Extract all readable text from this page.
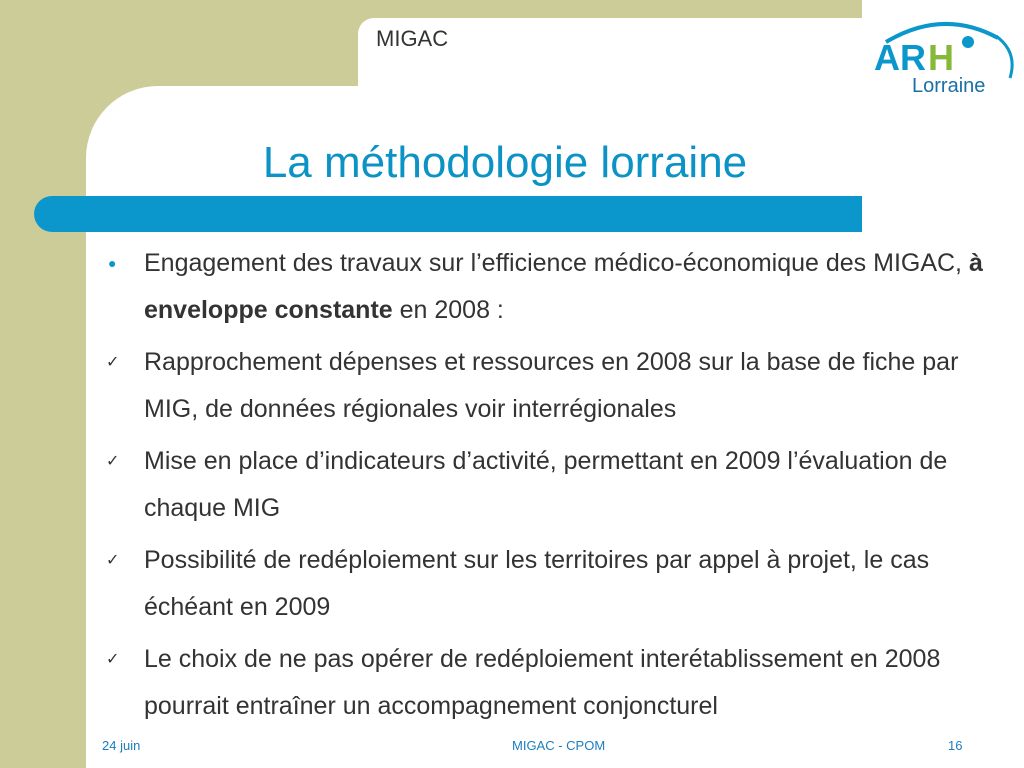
MIGAC	AR H
Lorraine
La méthodologie lorraine
● Engagement des travaux sur l’efficience médico-économique des MIGAC, à enveloppe constante en 2008 :
✓ Rapprochement dépenses et ressources en 2008 sur la base de fiche par MIG, de données régionales voir interrégionales
✓ Mise en place d’indicateurs d’activité, permettant en 2009 l’évaluation de chaque MIG
✓ Possibilité de redéploiement sur les territoires par appel à projet, le cas échéant en 2009
✓ Le choix de ne pas opérer de redéploiement interétablissement en 2008 pourrait entraîner un accompagnement conjoncturel
24 juin	MIGAC - CPOM	16
